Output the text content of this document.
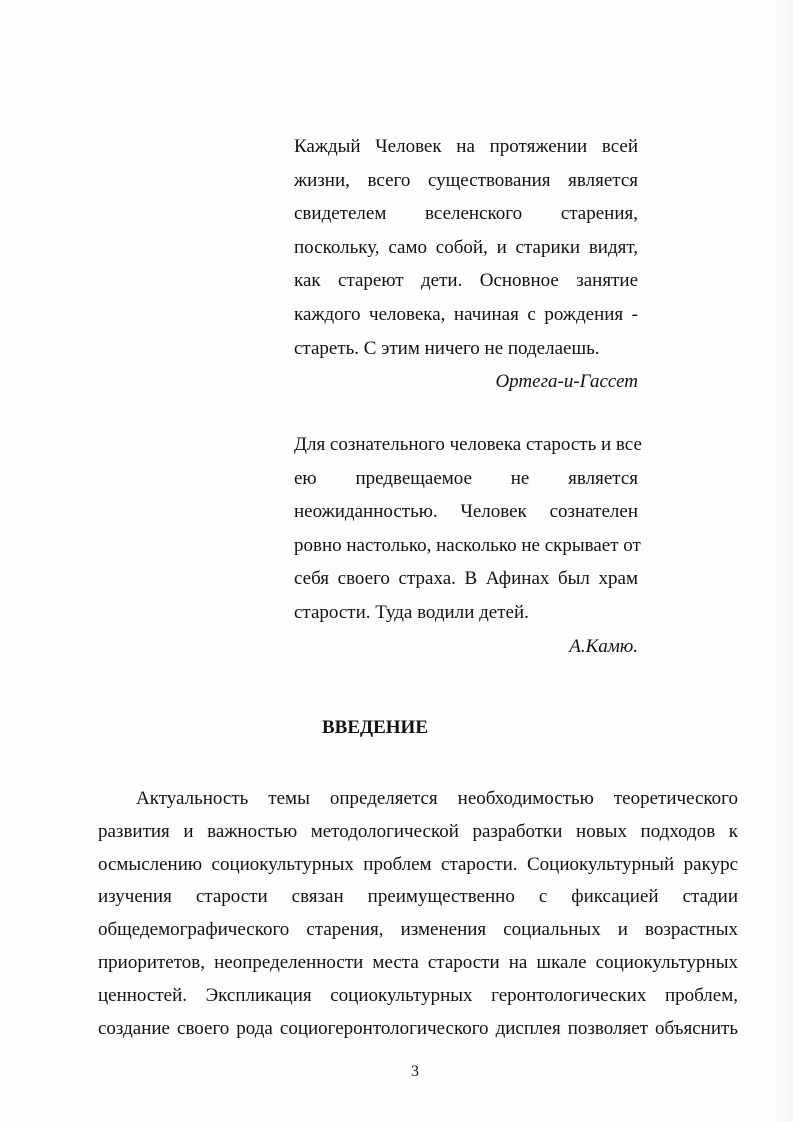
Каждый Человек на протяжении всей
жизни, всего существования является
свидетелем вселенского старения,
поскольку, само собой, и старики видят,
как стареют дети. Основное занятие
каждого человека, начиная с рождения -
стареть. С этим ничего не поделаешь.
Ортега-и-Гассет
Для сознательного человека старость и все
ею предвещаемое не является
неожиданностью. Человек сознателен
ровно настолько, насколько не скрывает от
себя своего страха. В Афинах был храм
старости. Туда водили детей.
А.Камю.
ВВЕДЕНИЕ
Актуальность темы определяется необходимостью теоретического
развития и важностью методологической разработки новых подходов к
осмыслению социокультурных проблем старости. Социокультурный ракурс
изучения старости связан преимущественно с фиксацией стадии
общедемографического старения, изменения социальных и возрастных
приоритетов, неопределенности места старости на шкале социокультурных
ценностей. Экспликация социокультурных геронтологических проблем,
создание своего рода социогеронтологического дисплея позволяет объяснить
3
